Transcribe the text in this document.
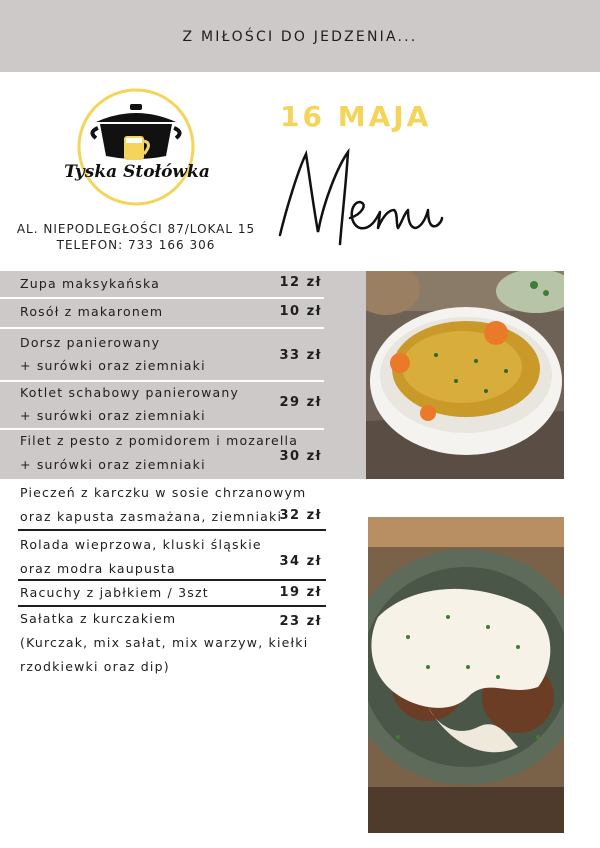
Z MIŁOŚCI DO JEDZENIA...
Tyska Stołówka
AL. NIEPODLEGŁOŚCI 87/LOKAL 15
TELEFON: 733 166 306
16 MAJA
Zupa maksykańska	12 zł
Rosół z makaronem	10 zł
Dorsz panierowany
+ surówki oraz ziemniaki
33 zł
Kotlet schabowy panierowany
+ surówki oraz ziemniaki
29 zł
Filet z pesto z pomidorem i mozarella
+ surówki oraz ziemniaki
30 zł
Pieczeń z karczku w sosie chrzanowym
oraz kapusta zasmażana, ziemniaki
32 zł
Rolada wieprzowa, kluski śląskie
oraz modra kaupusta	34 zł
Racuchy z jabłkiem / 3szt	19 zł
Sałatka z kurczakiem
(Kurczak, mix sałat, mix warzyw, kiełki
rzodkiewki oraz dip)
23 zł
